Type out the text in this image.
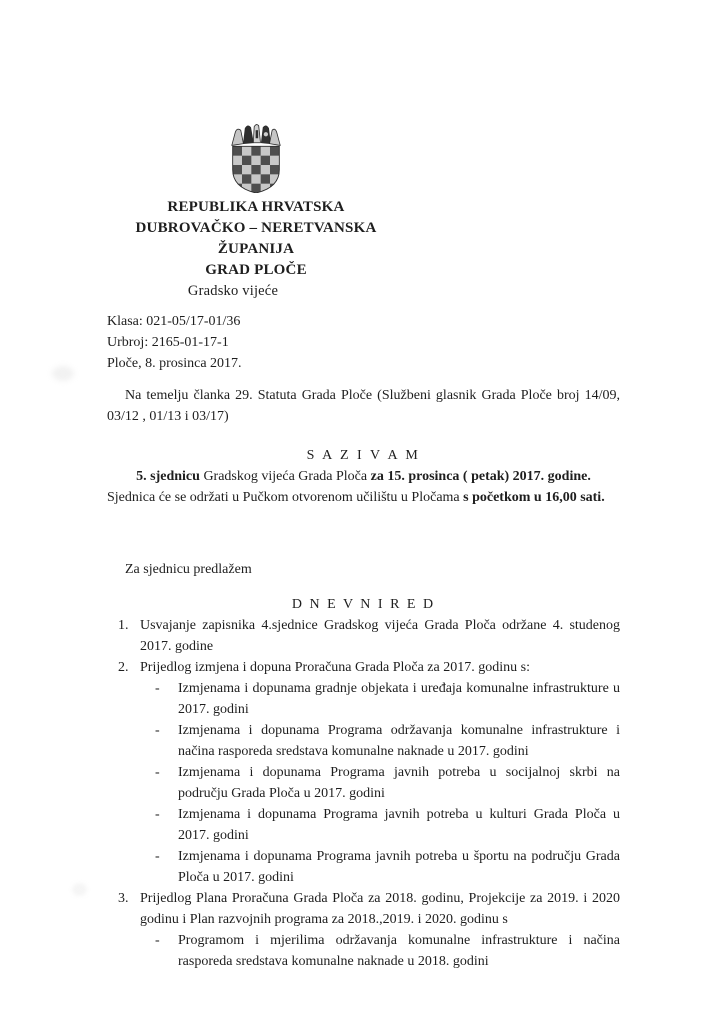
REPUBLIKA HRVATSKA
DUBROVAČKO – NERETVANSKA ŽUPANIJA
GRAD PLOČE
Gradsko vijeće
Klasa: 021-05/17-01/36
Urbroj: 2165-01-17-1
Ploče, 8. prosinca 2017.

Na temelju članka 29. Statuta Grada Ploče (Službeni glasnik Grada Ploče broj 14/09, 03/12 , 01/13 i 03/17)

S A Z I V A M

5. sjednicu Gradskog vijeća Grada Ploča za 15. prosinca ( petak) 2017. godine.

Sjednica će se održati u Pučkom otvorenom učilištu u Pločama s početkom u 16,00 sati.

Za sjednicu predlažem

D N E V N I R E D
1. Usvajanje zapisnika 4.sjednice Gradskog vijeća Grada Ploča održane 4. studenog 2017. godine
2. Prijedlog izmjena i dopuna Proračuna Grada Ploča za 2017. godinu s:
-	Izmjenama i dopunama gradnje objekata i uređaja komunalne infrastrukture u 2017. godini
-	Izmjenama i dopunama Programa održavanja komunalne infrastrukture i načina rasporeda sredstava komunalne naknade u 2017. godini
-	Izmjenama i dopunama Programa javnih potreba u socijalnoj skrbi na području Grada Ploča u 2017. godini
-	Izmjenama i dopunama Programa javnih potreba u kulturi Grada Ploča u 2017. godini
-	Izmjenama i dopunama Programa javnih potreba u športu na području Grada Ploča u 2017. godini
3. Prijedlog Plana Proračuna Grada Ploča za 2018. godinu, Projekcije za 2019. i 2020 godinu i Plan razvojnih programa za 2018.,2019. i 2020. godinu s
-	Programom i mjerilima održavanja komunalne infrastrukture i načina rasporeda sredstava komunalne naknade u 2018. godini
